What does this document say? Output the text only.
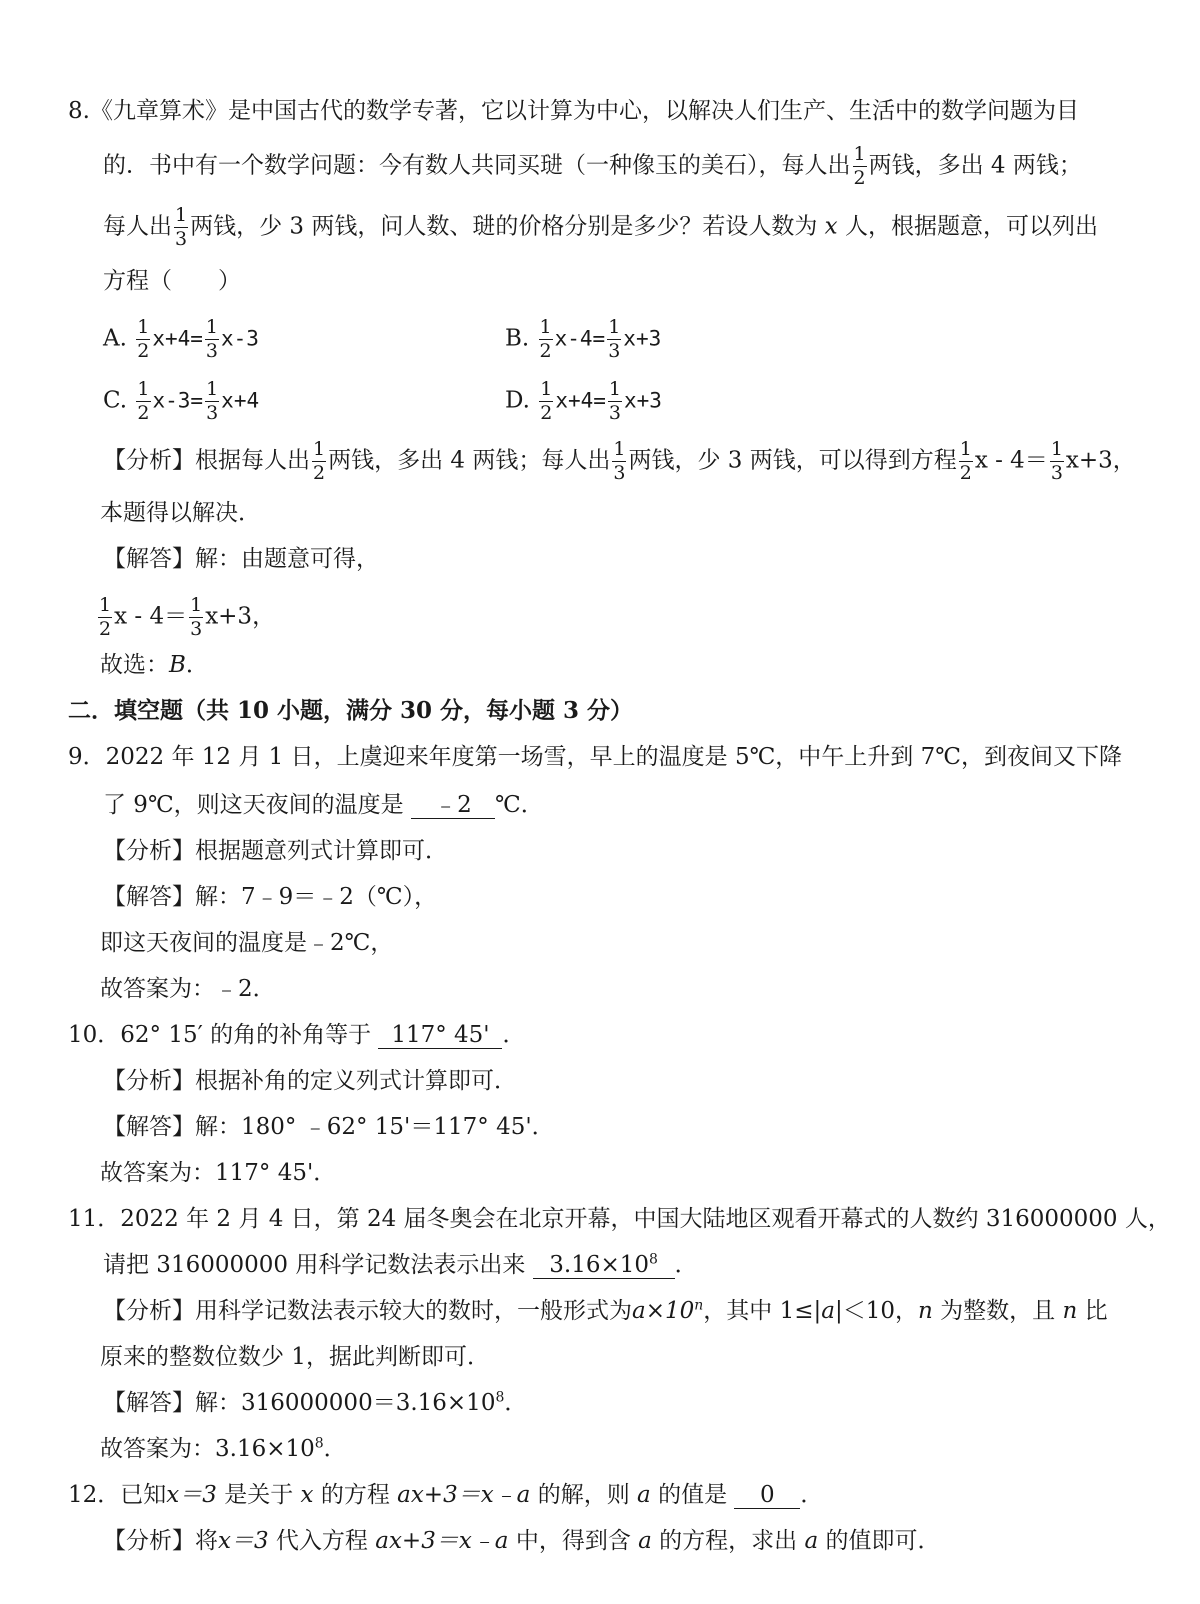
8.《九章算术》是中国古代的数学专著，它以计算为中心，以解决人们生产、生活中的数学问题为目
的．书中有一个数学问题：今有数人共同买琎（一种像玉的美石），每人出 $\frac{1}{2}$ 两钱，多出 4 两钱；
每人出 $\frac{1}{3}$ 两钱，少 3 两钱，问人数、琎的价格分别是多少？若设人数为 x 人，根据题意，可以列出
方程（　　）
A. $\frac{1}{2} x+4= \frac{1}{3} x-3$	B. $\frac{1}{2} x-4= \frac{1}{3} x+3$
C. $\frac{1}{2} x-3= \frac{1}{3} x+4$	D. $\frac{1}{2} x+4= \frac{1}{3} x+3$
【分析】根据每人出 $\frac{1}{2}$ 两钱，多出 4 两钱；每人出 $\frac{1}{3}$ 两钱，少 3 两钱，可以得到方程 $\frac{1}{2}$ $x - 4= \frac{1}{3} x+3$，
本题得以解决．
【解答】解：由题意可得，
$\frac{1}{2}$ $x - 4= \frac{1}{3} x+3$，
故选：B．
二．填空题（共 10 小题，满分 30 分，每小题 3 分）
9．2022 年 12 月 1 日，上虞迎来年度第一场雪，早上的温度是 5℃，中午上升到 7℃，到夜间又下降
了 9℃，则这天夜间的温度是 ﹣2 ℃．
【分析】根据题意列式计算即可．
【解答】解：7﹣9＝﹣2（℃），
即这天夜间的温度是﹣2℃，
故答案为：﹣2．
10．62° 15′ 的角的补角等于 117° 45' ．
【分析】根据补角的定义列式计算即可．
【解答】解：180° ﹣62° 15'＝117° 45'．
故答案为：117° 45'．
11．2022 年 2 月 4 日，第 24 届冬奥会在北京开幕，中国大陆地区观看开幕式的人数约 316000000 人，
请把 316000000 用科学记数法表示出来 $3.16\times 10^8$ ．
【分析】用科学记数法表示较大的数时，一般形式为$a\times 10^n$，其中 1≤|a|＜10，n 为整数，且 n 比
原来的整数位数少 1，据此判断即可．
【解答】解：$316000000=3.16\times 10^8$．
故答案为：$3.16\times 10^8$．
12．已知x＝3 是关于 x 的方程 ax+3＝x﹣a 的解，则 a 的值是 0 ．
【分析】将x＝3 代入方程 ax+3＝x﹣a 中，得到含 a 的方程，求出 a 的值即可．
